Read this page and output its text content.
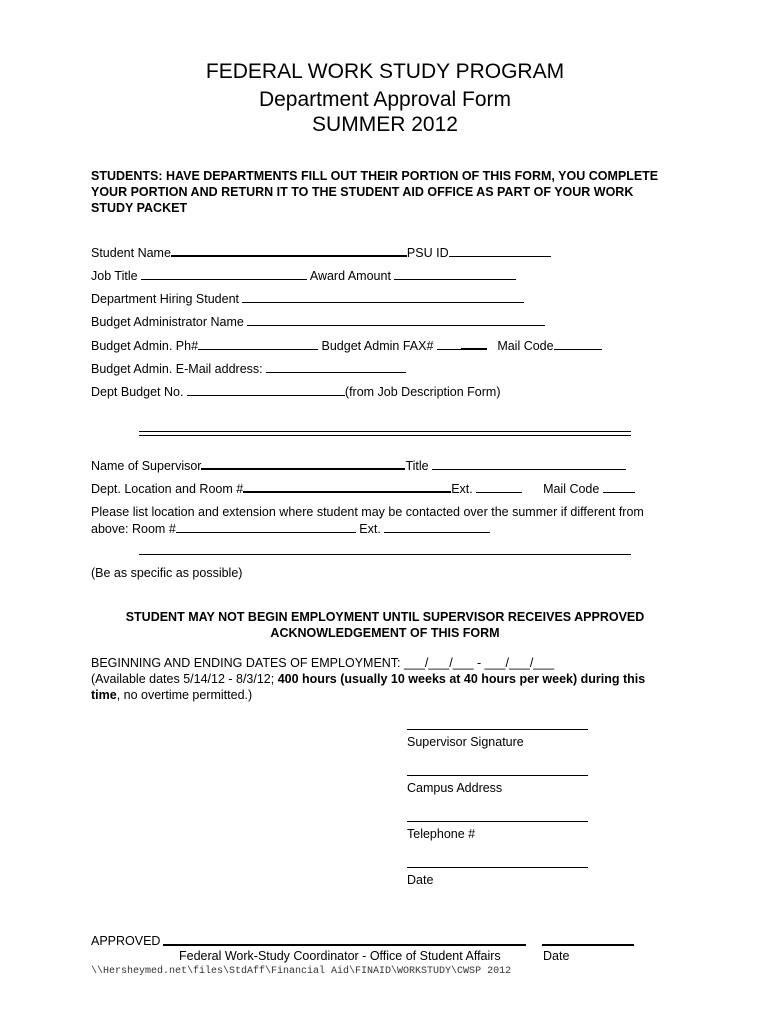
FEDERAL WORK STUDY PROGRAM
Department Approval Form
SUMMER 2012
STUDENTS: HAVE DEPARTMENTS FILL OUT THEIR PORTION OF THIS FORM, YOU COMPLETE
YOUR PORTION AND RETURN IT TO THE STUDENT AID OFFICE AS PART OF YOUR WORK
STUDY PACKET
Student Name	PSU ID
Job Title	Award Amount
Department Hiring Student
Budget Administrator Name
Budget Admin. Ph#	Budget Admin FAX#	Mail Code
Budget Admin. E-Mail address:
Dept Budget No.	(from Job Description Form)
Name of Supervisor	Title
Dept. Location and Room #	Ext.	Mail Code
Please list location and extension where student may be contacted over the summer if different from
above: Room #	Ext.
(Be as specific as possible)
STUDENT MAY NOT BEGIN EMPLOYMENT UNTIL SUPERVISOR RECEIVES APPROVED
ACKNOWLEDGEMENT OF THIS FORM
BEGINNING AND ENDING DATES OF EMPLOYMENT: ___/___/___ - ___/___/___
(Available dates 5/14/12 - 8/3/12; 400 hours (usually 10 weeks at 40 hours per week) during this
time, no overtime permitted.)
Supervisor Signature
Campus Address
Telephone #
Date
APPROVED
Federal Work-Study Coordinator - Office of Student Affairs	Date
\\Hersheymed.net\files\StdAff\Financial Aid\FINAID\WORKSTUDY\CWSP 2012
